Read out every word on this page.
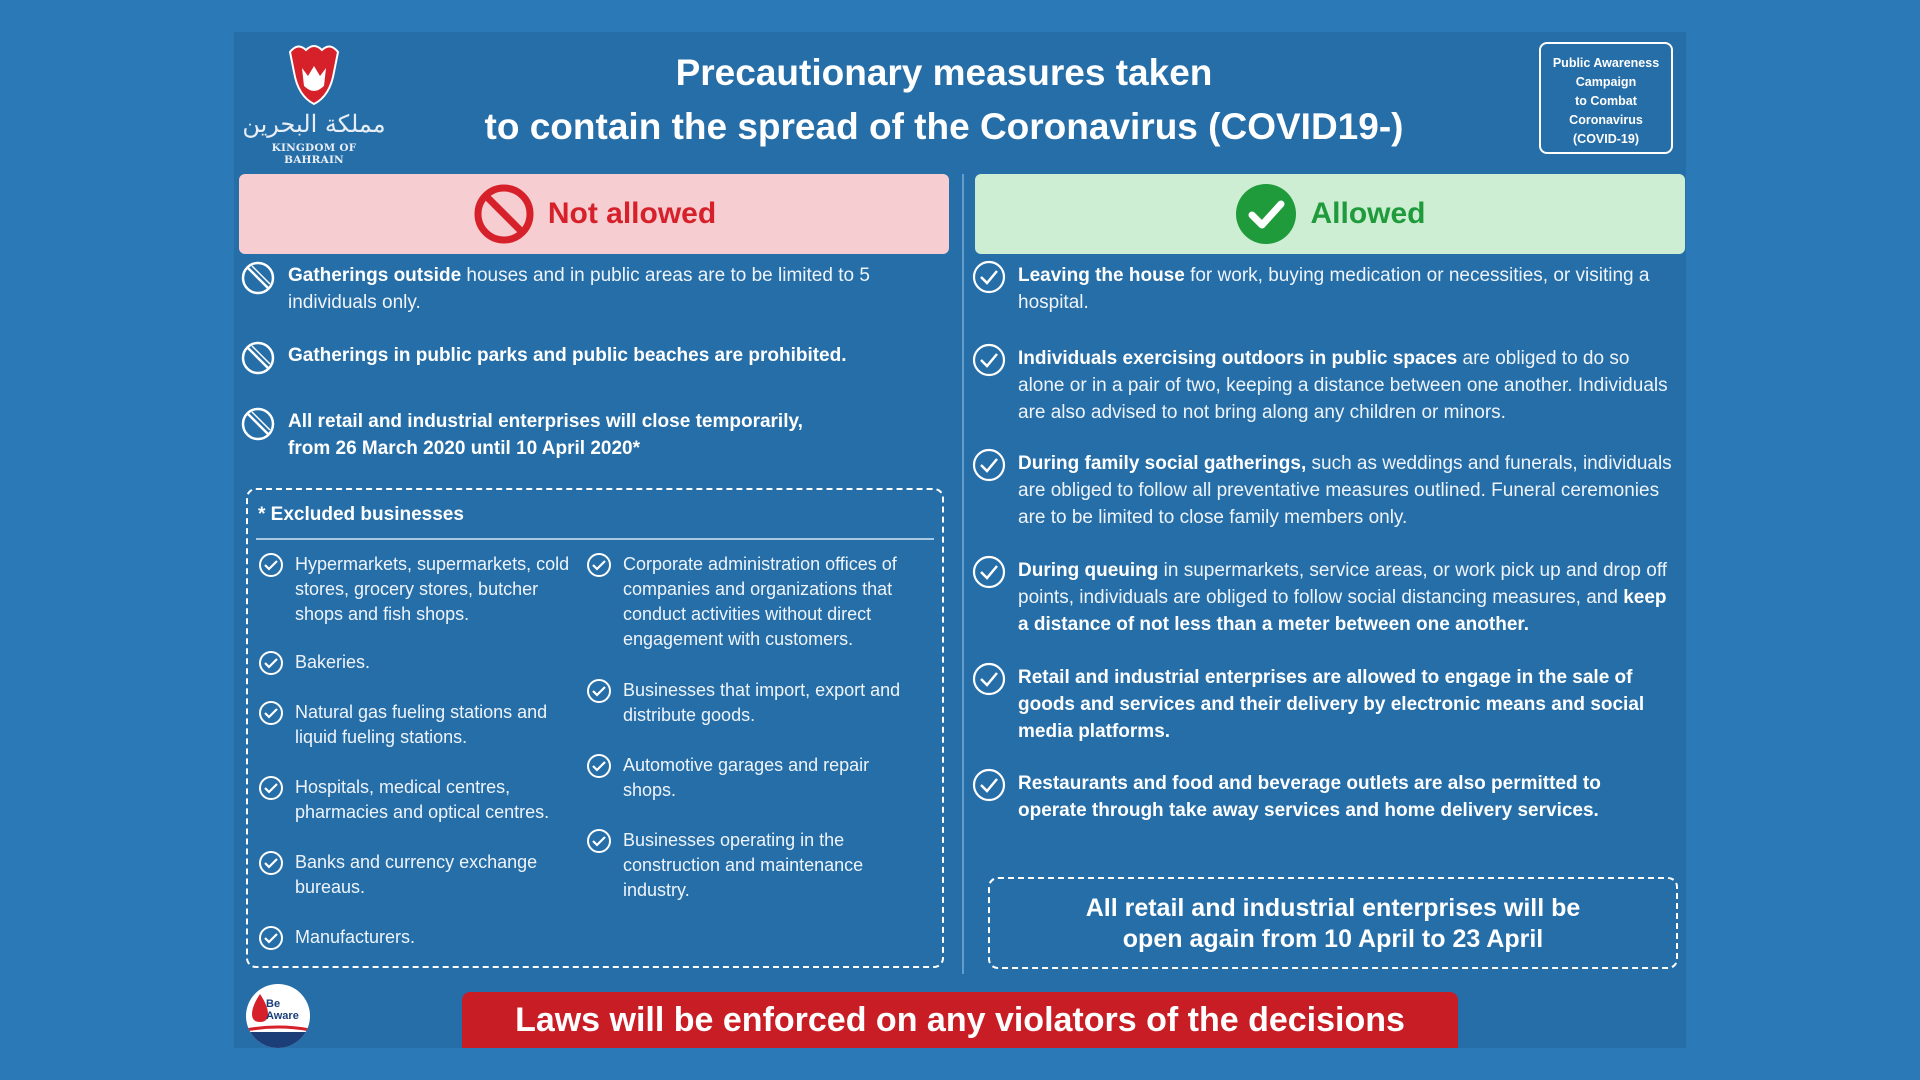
مملكة البحرين
KINGDOM OF BAHRAIN
Precautionary measures taken
to contain the spread of the Coronavirus (COVID19-)
Public Awareness
Campaign
to Combat
Coronavirus
(COVID-19)
Not allowed	Allowed
Gatherings outside houses and in public areas are to be limited to 5 individuals only.
Gatherings in public parks and public beaches are prohibited.
All retail and industrial enterprises will close temporarily, from 26 March 2020 until 10 April 2020*
* Excluded businesses
Hypermarkets, supermarkets, cold stores, grocery stores, butcher shops and fish shops.
Bakeries.
Natural gas fueling stations and liquid fueling stations.
Hospitals, medical centres, pharmacies and optical centres.
Banks and currency exchange bureaus.
Manufacturers.
Corporate administration offices of companies and organizations that conduct activities without direct engagement with customers.
Businesses that import, export and distribute goods.
Automotive garages and repair shops.
Businesses operating in the construction and maintenance industry.
Leaving the house for work, buying medication or necessities, or visiting a hospital.
Individuals exercising outdoors in public spaces are obliged to do so alone or in a pair of two, keeping a distance between one another. Individuals are also advised to not bring along any children or minors.
During family social gatherings, such as weddings and funerals, individuals are obliged to follow all preventative measures outlined. Funeral ceremonies are to be limited to close family members only.
During queuing in supermarkets, service areas, or work pick up and drop off points, individuals are obliged to follow social distancing measures, and keep a distance of not less than a meter between one another.
Retail and industrial enterprises are allowed to engage in the sale of goods and services and their delivery by electronic means and social media platforms.
Restaurants and food and beverage outlets are also permitted to operate through take away services and home delivery services.
All retail and industrial enterprises will be
open again from 10 April to 23 April
Be
Aware	Laws will be enforced on any violators of the decisions
